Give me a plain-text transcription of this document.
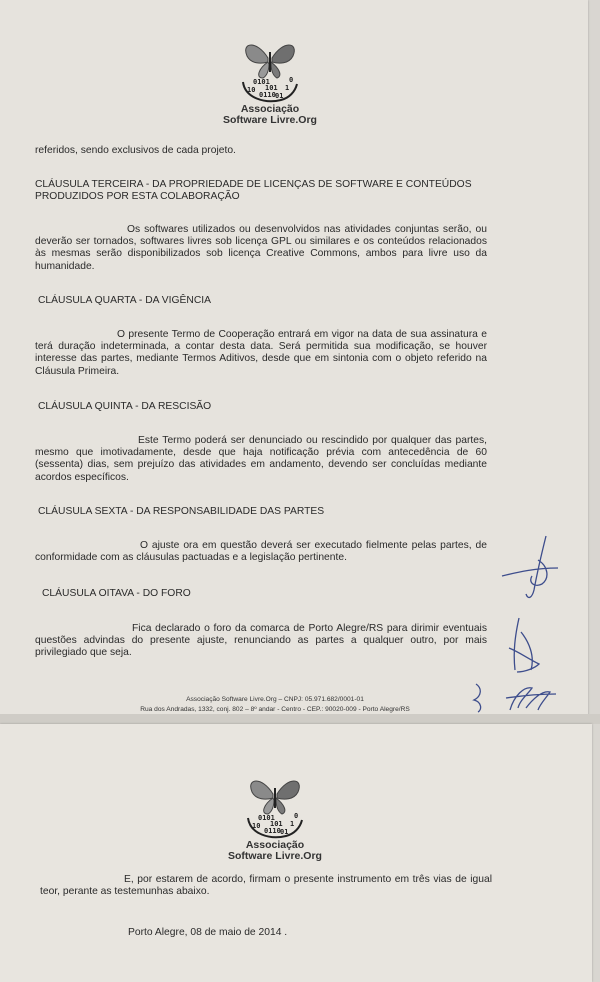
0101
101
10
0110 01
1
0
Associação
Software Livre.Org
referidos, sendo exclusivos de cada projeto.
CLÁUSULA TERCEIRA - DA PROPRIEDADE DE LICENÇAS DE SOFTWARE E CONTEÚDOS PRODUZIDOS POR ESTA COLABORAÇÃO
Os softwares utilizados ou desenvolvidos nas atividades conjuntas serão, ou deverão ser tornados, softwares livres sob licença GPL ou similares e os conteúdos relacionados às mesmas serão disponibilizados sob licença Creative Commons, ambos para livre uso da humanidade.
CLÁUSULA QUARTA - DA VIGÊNCIA
O presente Termo de Cooperação entrará em vigor na data de sua assinatura e terá duração indeterminada, a contar desta data. Será permitida sua modificação, se houver interesse das partes, mediante Termos Aditivos, desde que em sintonia com o objeto referido na Cláusula Primeira.
CLÁUSULA QUINTA - DA RESCISÃO
Este Termo poderá ser denunciado ou rescindido por qualquer das partes, mesmo que imotivadamente, desde que haja notificação prévia com antecedência de 60 (sessenta) dias, sem prejuízo das atividades em andamento, devendo ser concluídas mediante acordos específicos.
CLÁUSULA SEXTA - DA RESPONSABILIDADE DAS PARTES
O ajuste ora em questão deverá ser executado fielmente pelas partes, de conformidade com as cláusulas pactuadas e a legislação pertinente.
CLÁUSULA OITAVA - DO FORO
Fica declarado o foro da comarca de Porto Alegre/RS para dirimir eventuais questões advindas do presente ajuste, renunciando as partes a qualquer outro, por mais privilegiado que seja.
Associação Software Livre.Org – CNPJ: 05.971.682/0001-01
Rua dos Andradas, 1332, conj. 802 – 8º andar - Centro - CEP.: 90020-009 - Porto Alegre/RS
0101
101
10
0110 01
1
0
Associação
Software Livre.Org
E, por estarem de acordo, firmam o presente instrumento em três vias de igual teor, perante as testemunhas abaixo.
Porto Alegre, 08 de maio de 2014 .
